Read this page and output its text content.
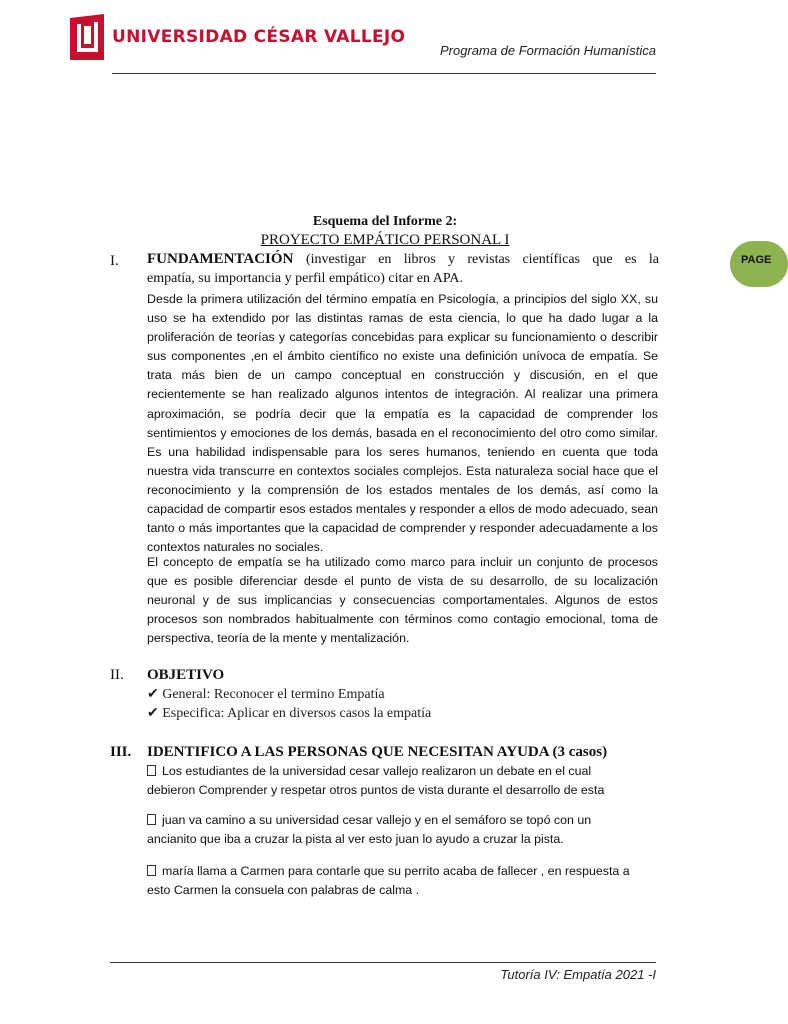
UNIVERSIDAD CÉSAR VALLEJO
Programa de Formación Humanística
PAGE
Esquema del Informe 2:
PROYECTO EMPÁTICO PERSONAL I
I. FUNDAMENTACIÓN (investigar en libros y revistas científicas que es la
empatía, su importancia y perfil empático) citar en APA.
Desde la primera utilización del término empatía en Psicología, a principios del siglo XX, su uso se ha extendido por las distintas ramas de esta ciencia, lo que ha dado lugar a la proliferación de teorías y categorías concebidas para explicar su funcionamiento o describir sus componentes ,en el ámbito científico no existe una definición unívoca de empatía. Se trata más bien de un campo conceptual en construcción y discusión, en el que recientemente se han realizado algunos intentos de integración. Al realizar una primera aproximación, se podría decir que la empatía es la capacidad de comprender los sentimientos y emociones de los demás, basada en el reconocimiento del otro como similar. Es una habilidad indispensable para los seres humanos, teniendo en cuenta que toda nuestra vida transcurre en contextos sociales complejos. Esta naturaleza social hace que el reconocimiento y la comprensión de los estados mentales de los demás, así como la capacidad de compartir esos estados mentales y responder a ellos de modo adecuado, sean tanto o más importantes que la capacidad de comprender y responder adecuadamente a los contextos naturales no sociales.
El concepto de empatía se ha utilizado como marco para incluir un conjunto de procesos que es posible diferenciar desde el punto de vista de su desarrollo, de su localización neuronal y de sus implicancias y consecuencias comportamentales. Algunos de estos procesos son nombrados habitualmente con términos como contagio emocional, toma de perspectiva, teoría de la mente y mentalización.
II. OBJETIVO
✔ General: Reconocer el termino Empatía
✔ Especifica: Aplicar en diversos casos la empatía
III. IDENTIFICO A LAS PERSONAS QUE NECESITAN AYUDA (3 casos)
Los estudiantes de la universidad cesar vallejo realizaron un debate en el cual
debieron Comprender y respetar otros puntos de vista durante el desarrollo de esta
juan va camino a su universidad cesar vallejo y en el semáforo se topó con un
ancianito que iba a cruzar la pista al ver esto juan lo ayudo a cruzar la pista.
maría llama a Carmen para contarle que su perrito acaba de fallecer , en respuesta a
esto Carmen la consuela con palabras de calma .
Tutoría IV: Empatía 2021 -I
